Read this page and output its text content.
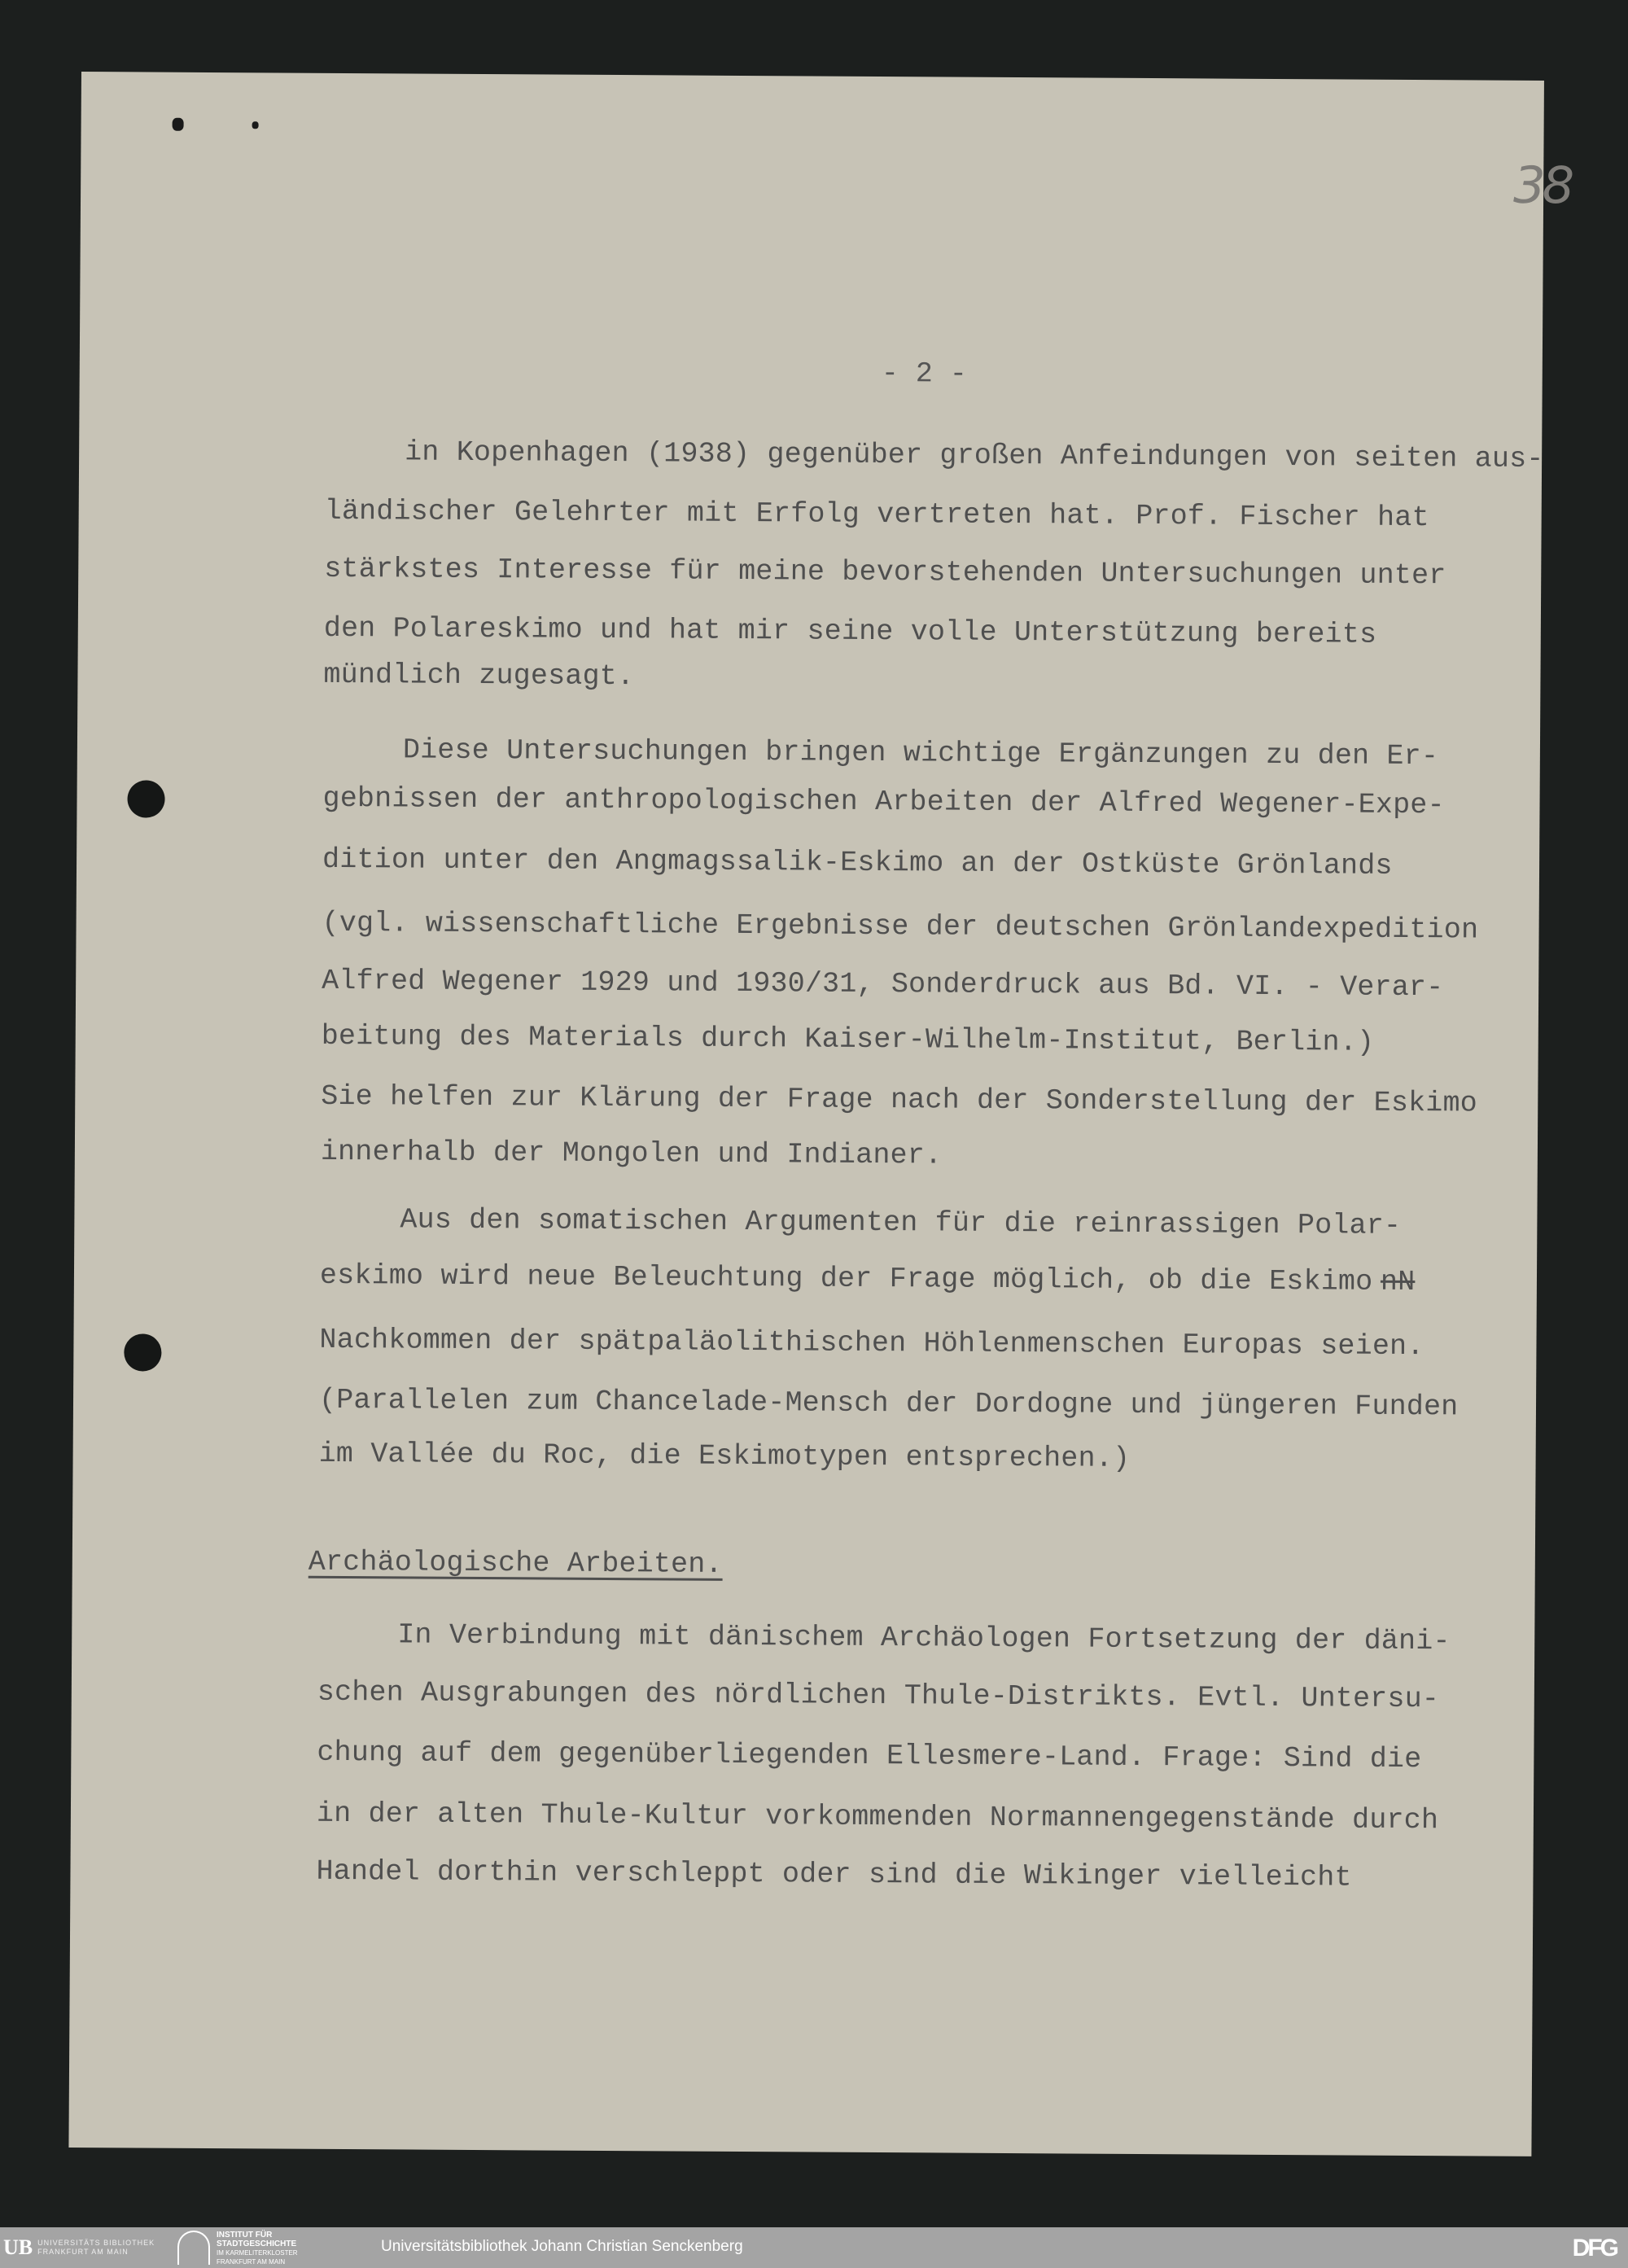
38
- 2 -
in Kopenhagen (1938) gegenüber großen Anfeindungen von seiten aus-
ländischer Gelehrter mit Erfolg vertreten hat. Prof. Fischer hat
stärkstes Interesse für meine bevorstehenden Untersuchungen unter
den Polareskimo und hat mir seine volle Unterstützung bereits
mündlich zugesagt.
Diese Untersuchungen bringen wichtige Ergänzungen zu den Er-
gebnissen der anthropologischen Arbeiten der Alfred Wegener-Expe-
dition unter den Angmagssalik-Eskimo an der Ostküste Grönlands
(vgl. wissenschaftliche Ergebnisse der deutschen Grönlandexpedition
Alfred Wegener 1929 und 1930/31, Sonderdruck aus Bd. VI. - Verar-
beitung des Materials durch Kaiser-Wilhelm-Institut, Berlin.)
Sie helfen zur Klärung der Frage nach der Sonderstellung der Eskimo
innerhalb der Mongolen und Indianer.
Aus den somatischen Argumenten für die reinrassigen Polar-
eskimo wird neue Beleuchtung der Frage möglich, ob die Eskimo
Nachkommen der spätpaläolithischen Höhlenmenschen Europas seien.
(Parallelen zum Chancelade-Mensch der Dordogne und jüngeren Funden
im Vallée du Roc, die Eskimotypen entsprechen.)
nN
Archäologische Arbeiten.
In Verbindung mit dänischem Archäologen Fortsetzung der däni-
schen Ausgrabungen des nördlichen Thule-Distrikts. Evtl. Untersu-
chung auf dem gegenüberliegenden Ellesmere-Land. Frage: Sind die
in der alten Thule-Kultur vorkommenden Normannengegenstände durch
Handel dorthin verschleppt oder sind die Wikinger vielleicht
UB UNIVERSITÄTS BIBLIOTHEK
FRANKFURT AM MAIN
INSTITUT FÜR
STADTGESCHICHTE
IM KARMELITERKLOSTER
FRANKFURT AM MAIN
Universitätsbibliothek Johann Christian Senckenberg	DFG
